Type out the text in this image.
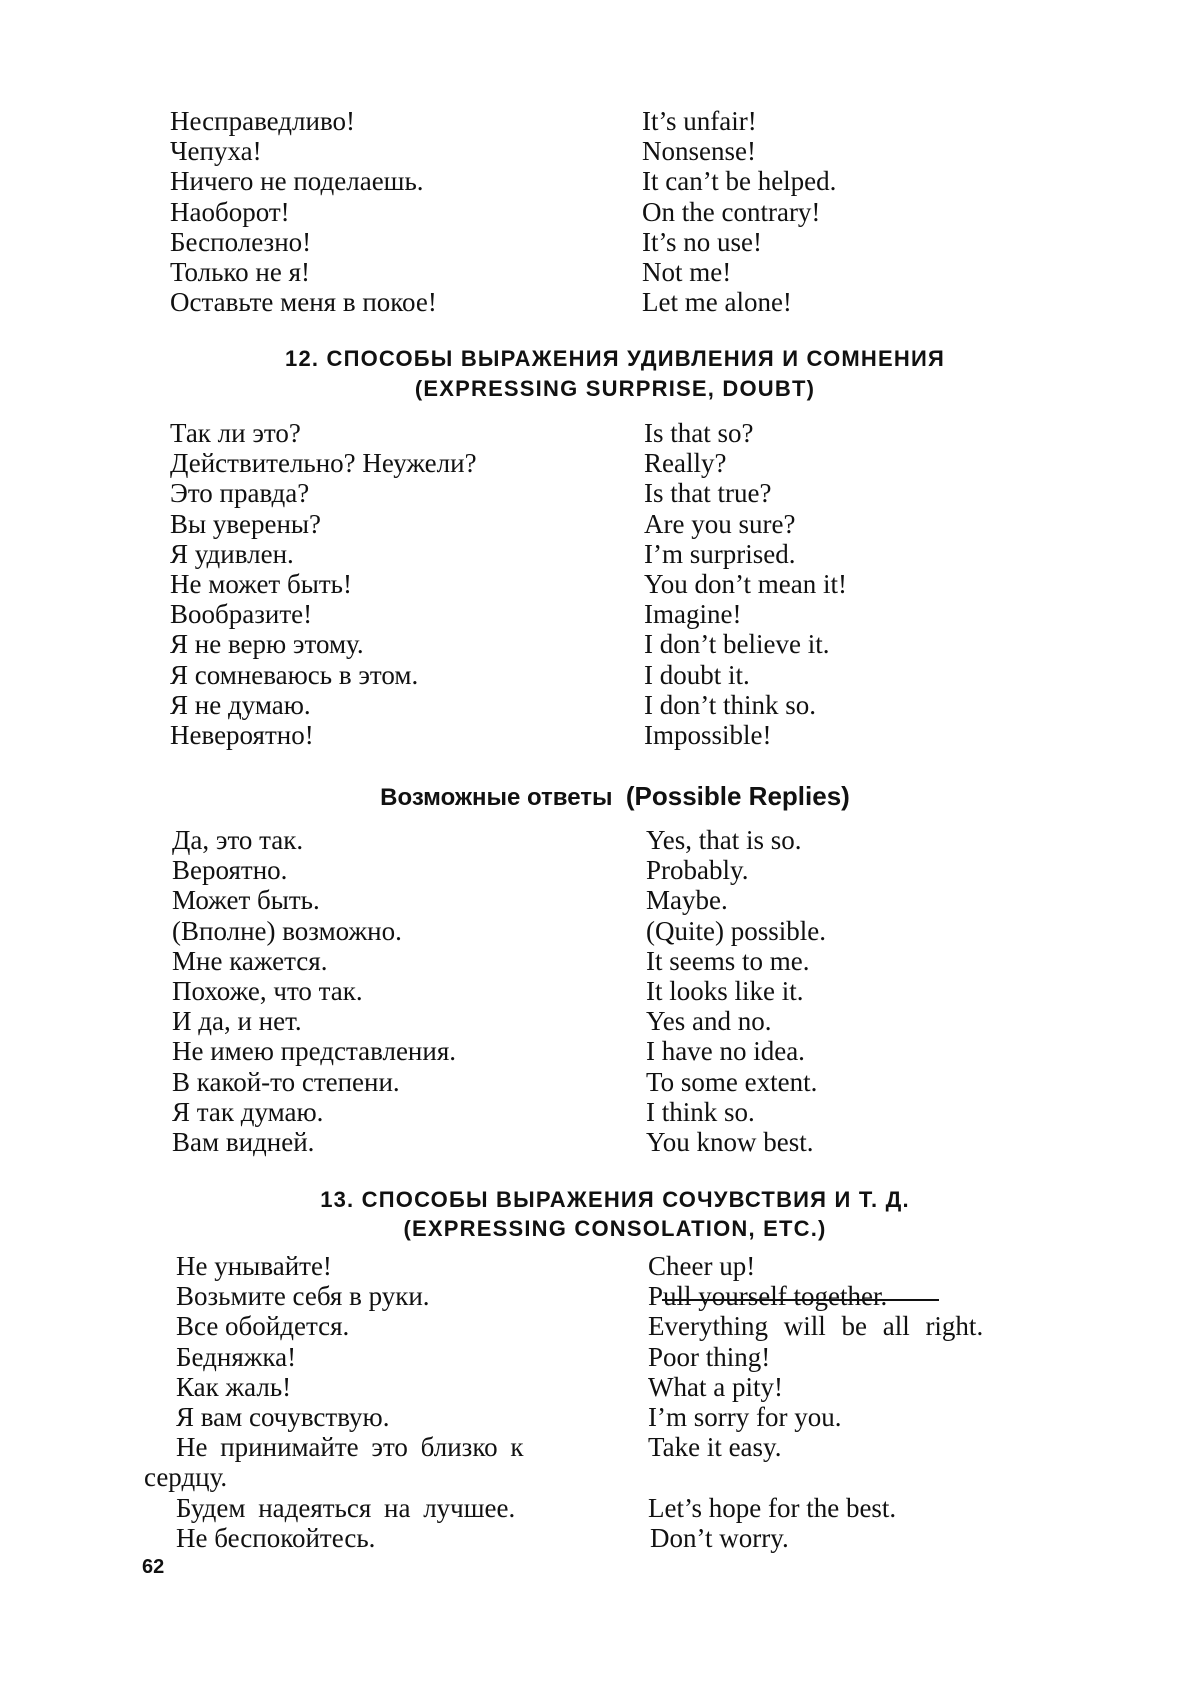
Несправедливо!	It’s unfair!
Чепуха!	Nonsense!
Ничего не поделаешь.	It can’t be helped.
Наоборот!	On the contrary!
Бесполезно!	It’s no use!
Только не я!	Not me!
Оставьте меня в покое!	Let me alone!
12. СПОСОБЫ ВЫРАЖЕНИЯ УДИВЛЕНИЯ И СОМНЕНИЯ
(EXPRESSING SURPRISE, DOUBT)
Так ли это?	Is that so?
Действительно? Неужели?	Really?
Это правда?	Is that true?
Вы уверены?	Are you sure?
Я удивлен.	I’m surprised.
Не может быть!	You don’t mean it!
Вообразите!	Imagine!
Я не верю этому.	I don’t believe it.
Я сомневаюсь в этом.	I doubt it.
Я не думаю.	I don’t think so.
Невероятно!	Impossible!
Возможные ответы (Possible Replies)
Да, это так.	Yes, that is so.
Вероятно.	Probably.
Может быть.	Maybe.
(Вполне) возможно.	(Quite) possible.
Мне кажется.	It seems to me.
Похоже, что так.	It looks like it.
И да, и нет.	Yes and no.
Не имею представления.	I have no idea.
В какой-то степени.	To some extent.
Я так думаю.	I think so.
Вам видней.	You know best.
13. СПОСОБЫ ВЫРАЖЕНИЯ СОЧУВСТВИЯ И Т. Д.
(EXPRESSING CONSOLATION, ETC.)
Не унывайте!	Cheer up!
Возьмите себя в руки.	Pull yourself together.
Все обойдется.	Everything will be all right.
Бедняжка!	Poor thing!
Как жаль!	What a pity!
Я вам сочувствую.	I’m sorry for you.
Не принимайте это близко к	Take it easy.
сердцу.
Будем надеяться на лучшее.	Let’s hope for the best.
Не беспокойтесь.	Don’t worry.
62
